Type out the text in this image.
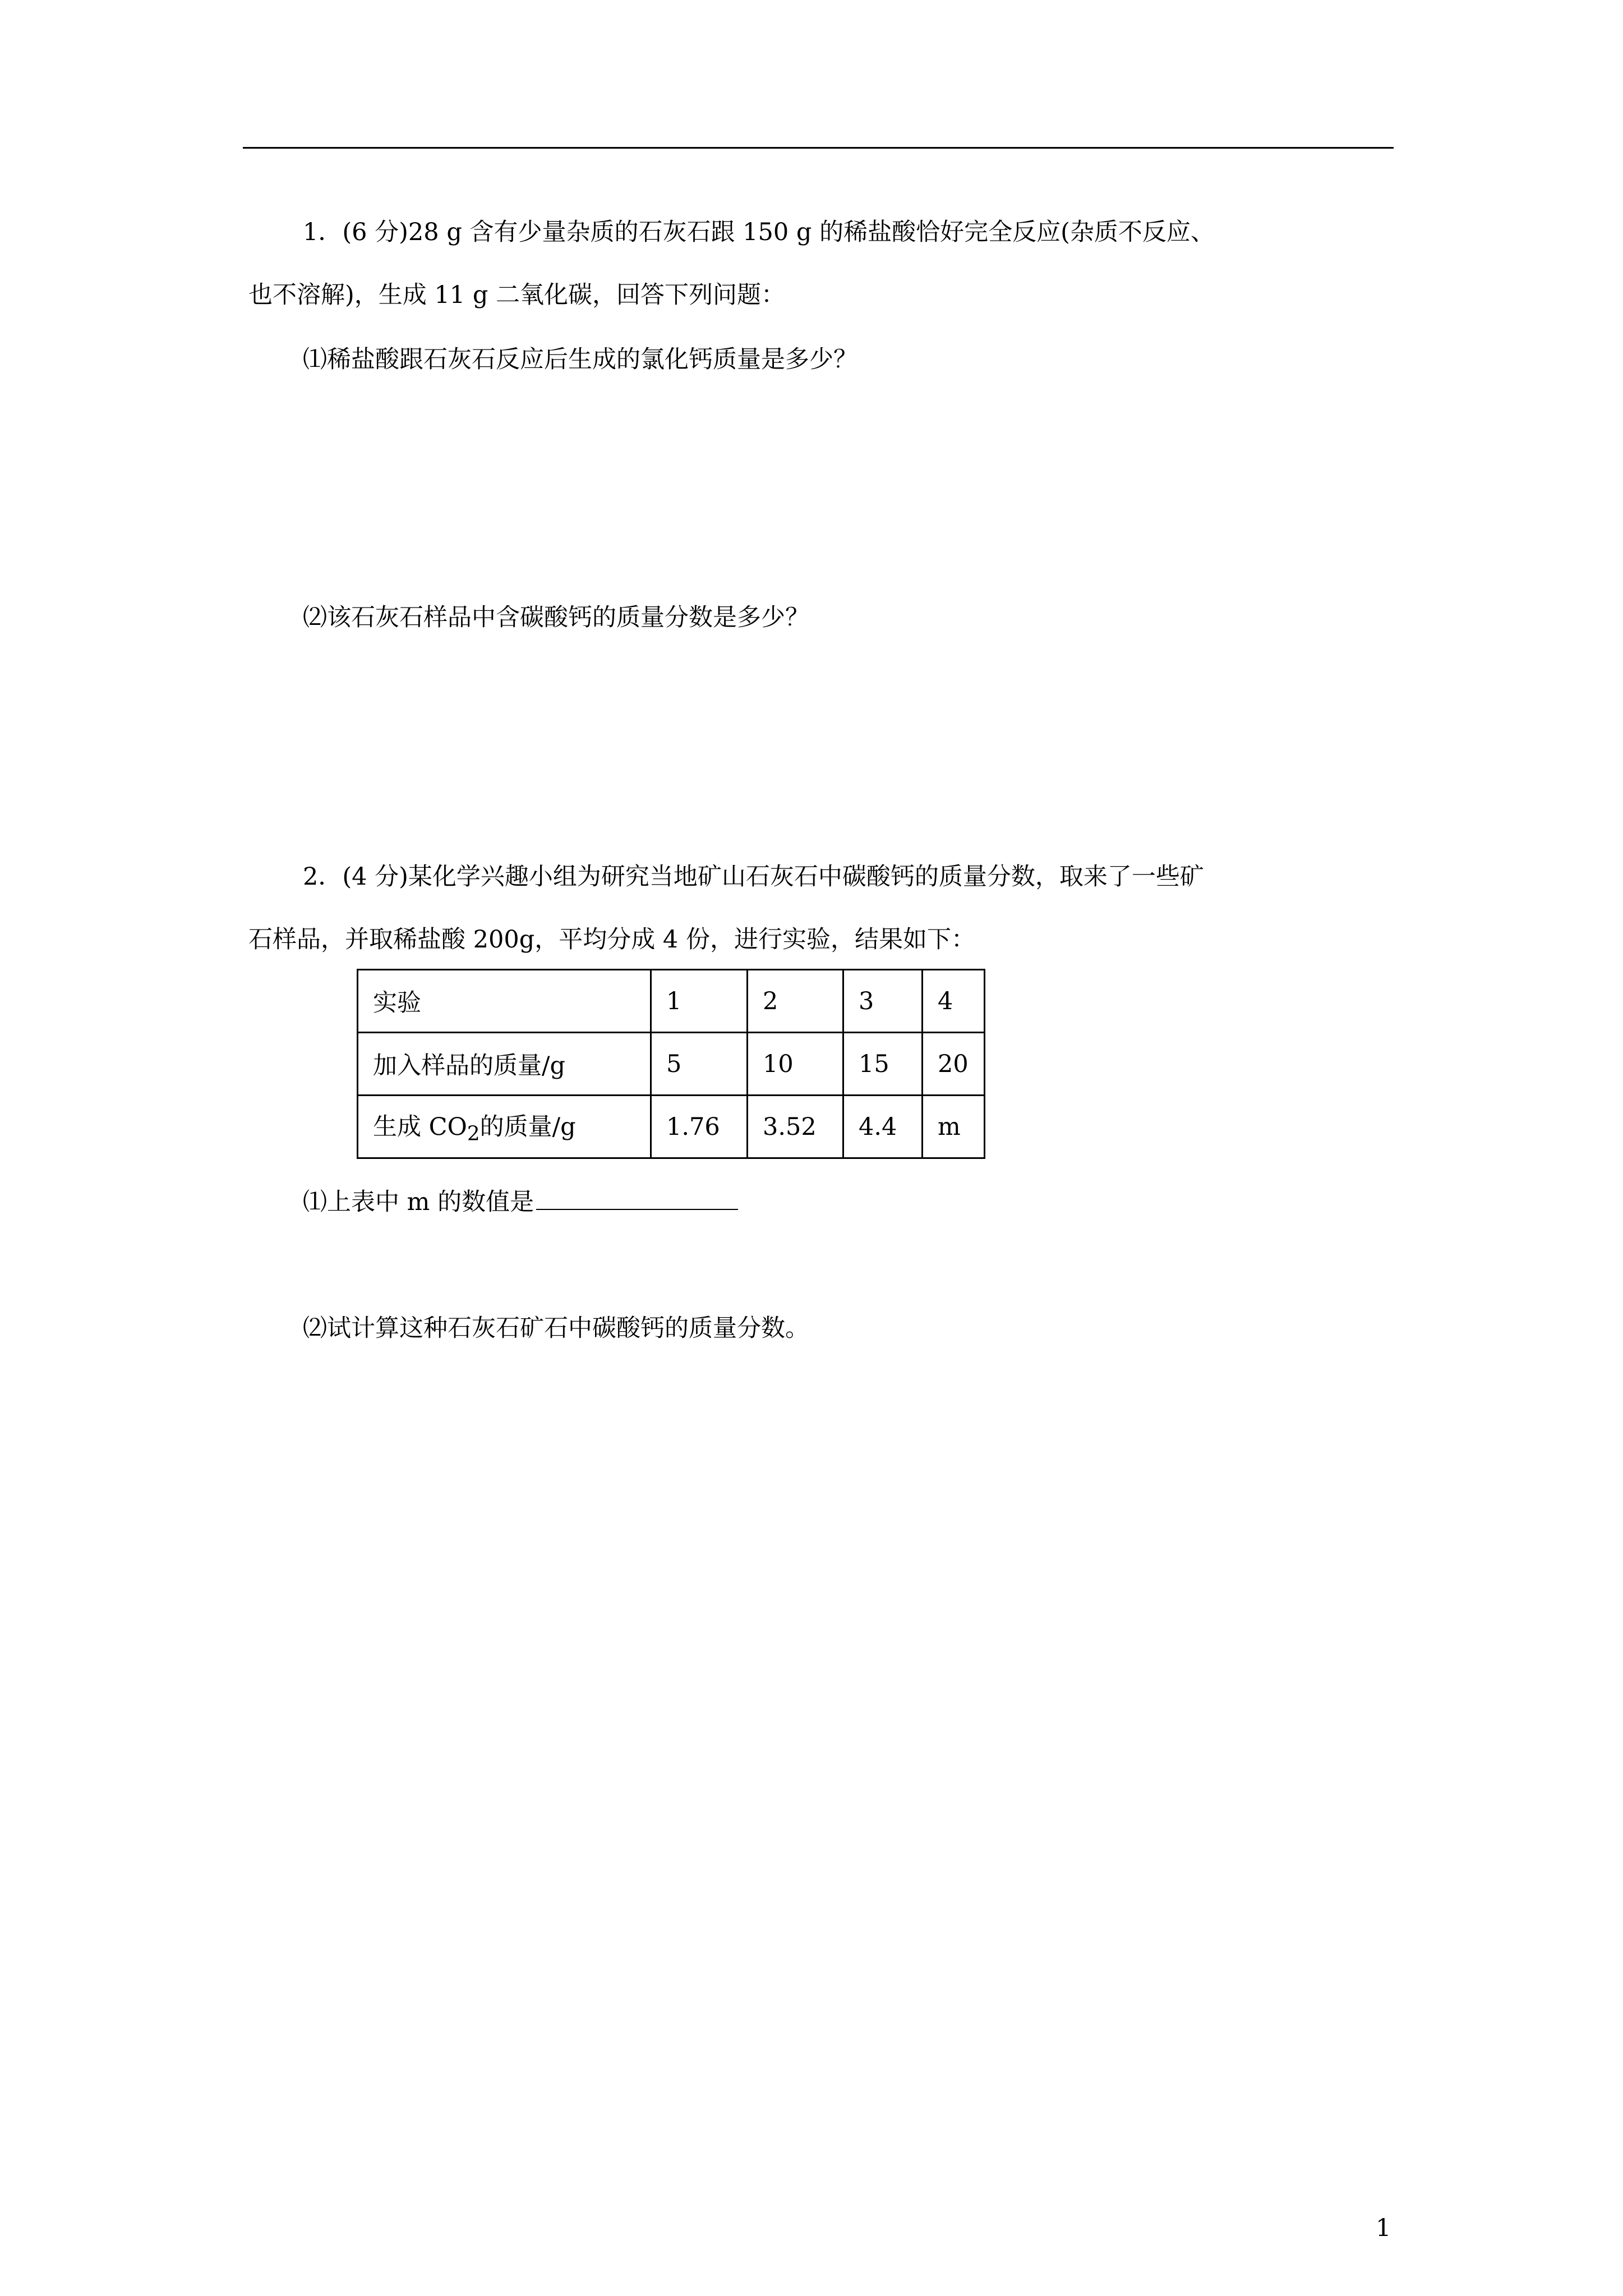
1．(6 分)28 g 含有少量杂质的石灰石跟 150 g 的稀盐酸恰好完全反应(杂质不反应、
也不溶解)，生成 11 g 二氧化碳，回答下列问题：
⑴稀盐酸跟石灰石反应后生成的氯化钙质量是多少？
⑵该石灰石样品中含碳酸钙的质量分数是多少？
2．(4 分)某化学兴趣小组为研究当地矿山石灰石中碳酸钙的质量分数，取来了一些矿
石样品，并取稀盐酸 200g，平均分成 4 份，进行实验，结果如下：
实验	1	2	3	4
加入样品的质量/g	5	10	15	20
生成 $CO_2$的质量/g	1.76	3.52	4.4	m
⑴上表中 m 的数值是
⑵试计算这种石灰石矿石中碳酸钙的质量分数。
1
